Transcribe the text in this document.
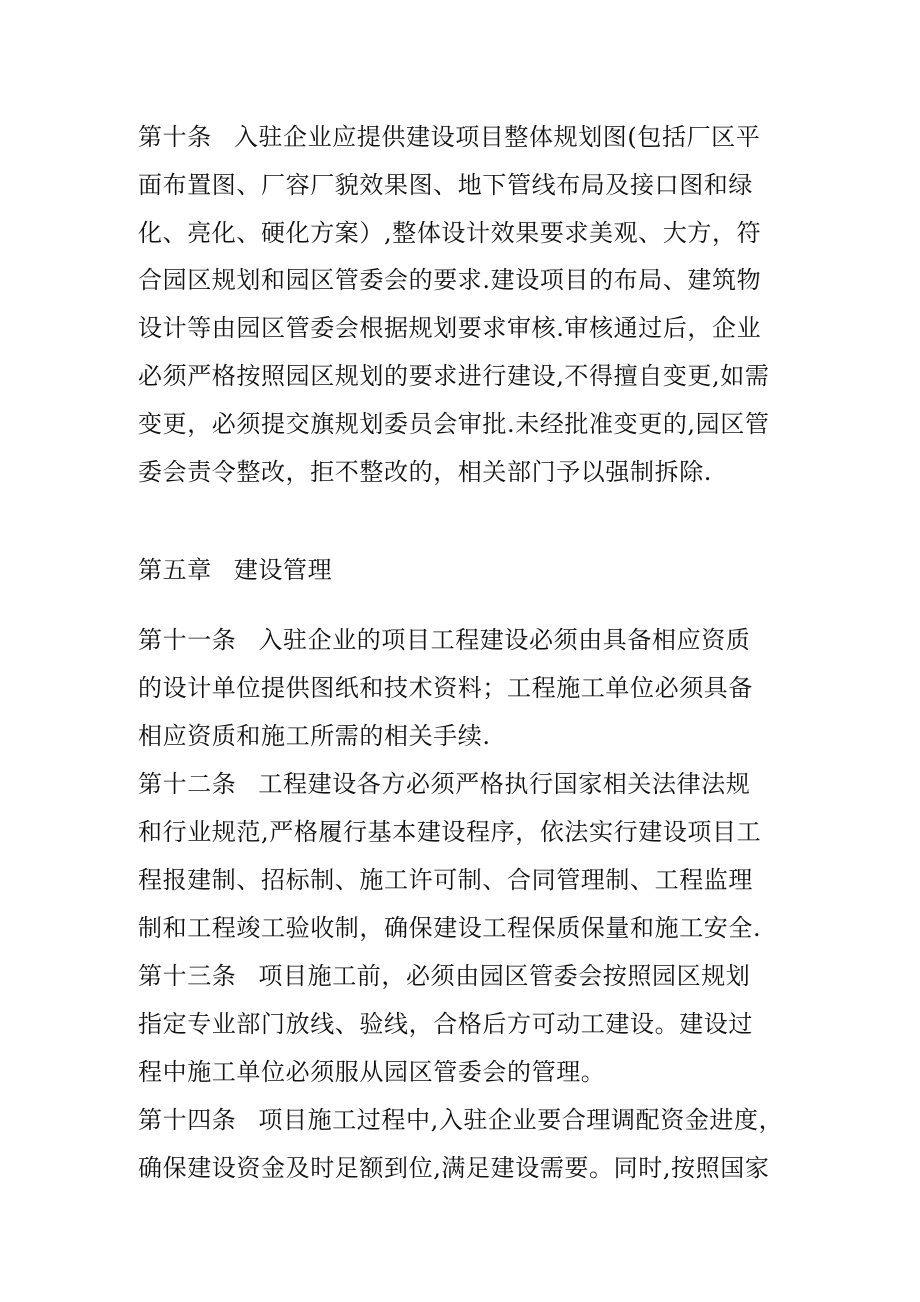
第十条 入驻企业应提供建设项目整体规划图(包括厂区平
面布置图、厂容厂貌效果图、地下管线布局及接口图和绿
化、亮化、硬化方案）,整体设计效果要求美观、大方，符
合园区规划和园区管委会的要求.建设项目的布局、建筑物
设计等由园区管委会根据规划要求审核.审核通过后，企业
必须严格按照园区规划的要求进行建设,不得擅自变更,如需
变更，必须提交旗规划委员会审批.未经批准变更的,园区管
委会责令整改，拒不整改的，相关部门予以强制拆除.
第五章 建设管理
第十一条 入驻企业的项目工程建设必须由具备相应资质
的设计单位提供图纸和技术资料；工程施工单位必须具备
相应资质和施工所需的相关手续.
第十二条 工程建设各方必须严格执行国家相关法律法规
和行业规范,严格履行基本建设程序，依法实行建设项目工
程报建制、招标制、施工许可制、合同管理制、工程监理
制和工程竣工验收制，确保建设工程保质保量和施工安全.
第十三条 项目施工前，必须由园区管委会按照园区规划
指定专业部门放线、验线，合格后方可动工建设。建设过
程中施工单位必须服从园区管委会的管理。
第十四条 项目施工过程中,入驻企业要合理调配资金进度，
确保建设资金及时足额到位,满足建设需要。同时,按照国家
